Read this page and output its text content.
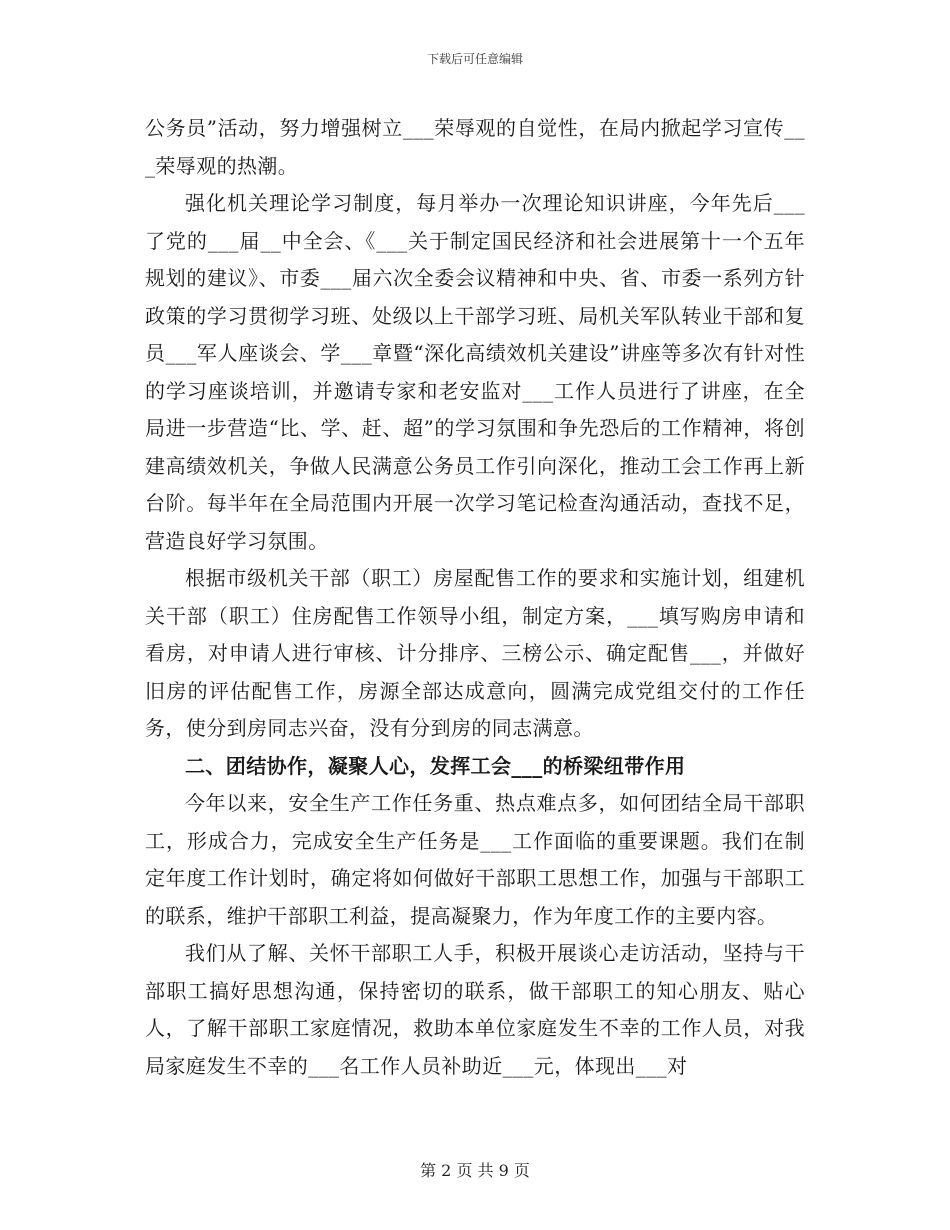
下载后可任意编辑

公务员”活动，努力增强树立___荣辱观的自觉性，在局内掀起学习宣传___荣辱观的热潮。

强化机关理论学习制度，每月举办一次理论知识讲座，今年先后___了党的___届__中全会、《___关于制定国民经济和社会进展第十一个五年规划的建议》、市委___届六次全委会议精神和中央、省、市委一系列方针政策的学习贯彻学习班、处级以上干部学习班、局机关军队转业干部和复员___军人座谈会、学___章暨“深化高绩效机关建设”讲座等多次有针对性的学习座谈培训，并邀请专家和老安监对___工作人员进行了讲座，在全局进一步营造“比、学、赶、超”的学习氛围和争先恐后的工作精神，将创建高绩效机关，争做人民满意公务员工作引向深化，推动工会工作再上新台阶。每半年在全局范围内开展一次学习笔记检查沟通活动，查找不足，营造良好学习氛围。

根据市级机关干部（职工）房屋配售工作的要求和实施计划，组建机关干部（职工）住房配售工作领导小组，制定方案，___填写购房申请和看房，对申请人进行审核、计分排序、三榜公示、确定配售___，并做好旧房的评估配售工作，房源全部达成意向，圆满完成党组交付的工作任务，使分到房同志兴奋，没有分到房的同志满意。

二、团结协作，凝聚人心，发挥工会___的桥梁纽带作用

今年以来，安全生产工作任务重、热点难点多，如何团结全局干部职工，形成合力，完成安全生产任务是___工作面临的重要课题。我们在制定年度工作计划时，确定将如何做好干部职工思想工作，加强与干部职工的联系，维护干部职工利益，提高凝聚力，作为年度工作的主要内容。

我们从了解、关怀干部职工人手，积极开展谈心走访活动，坚持与干部职工搞好思想沟通，保持密切的联系，做干部职工的知心朋友、贴心人，了解干部职工家庭情况，救助本单位家庭发生不幸的工作人员，对我局家庭发生不幸的___名工作人员补助近___元，体现出___对

第 2 页 共 9 页
